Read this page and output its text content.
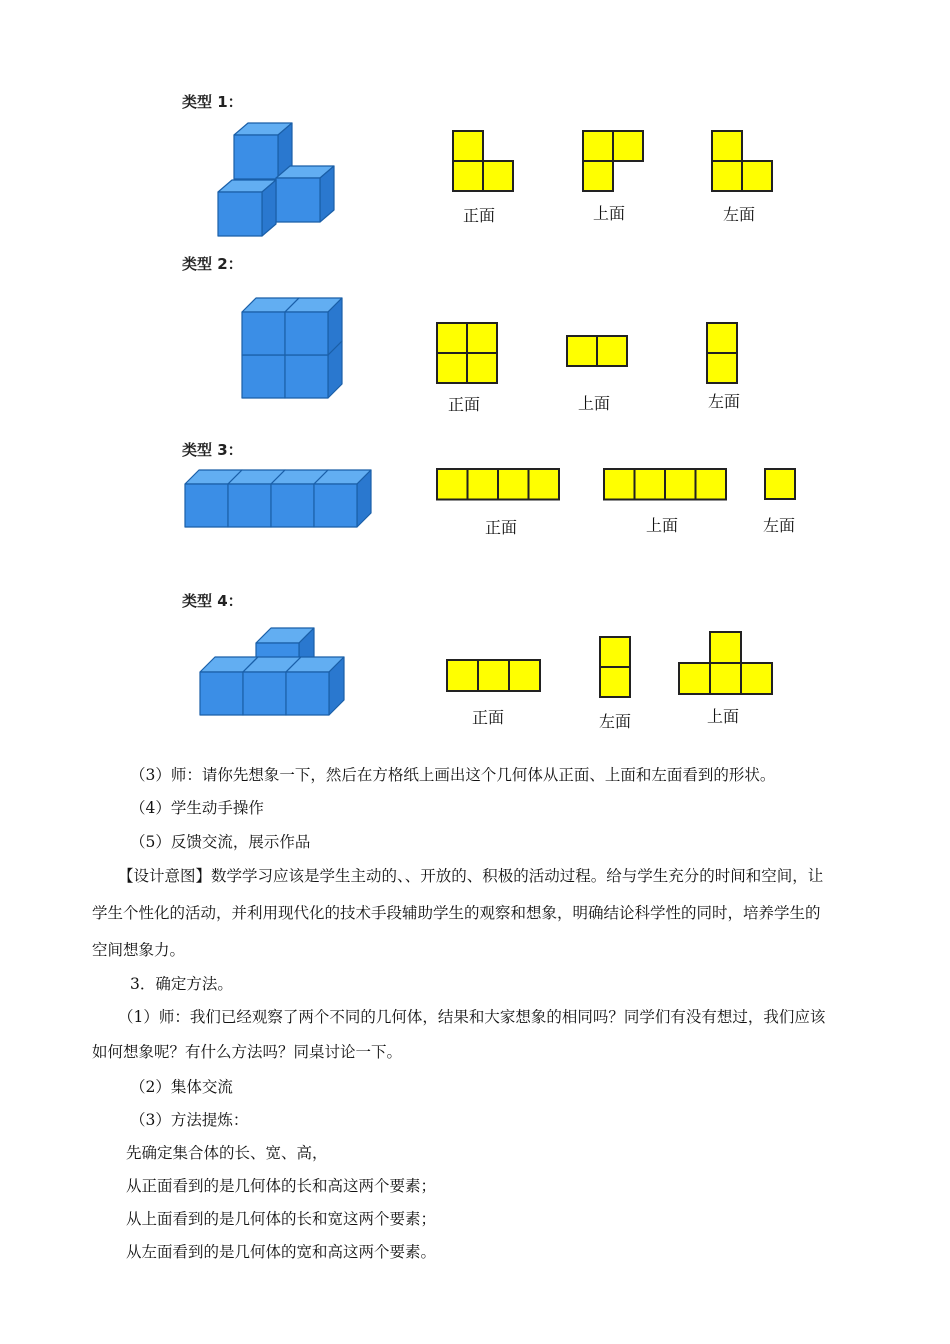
类型 1：
类型 2：
类型 3：
类型 4：
正面	上面	左面
正面	上面	左面
正面	上面	左面
正面	左面	上面
（3）师：请你先想象一下，然后在方格纸上画出这个几何体从正面、上面和左面看到的形状。
（4）学生动手操作
（5）反馈交流，展示作品
【设计意图】数学学习应该是学生主动的、、开放的、积极的活动过程。给与学生充分的时间和空间，让
学生个性化的活动，并利用现代化的技术手段辅助学生的观察和想象，明确结论科学性的同时，培养学生的
空间想象力。
3．确定方法。
（1）师：我们已经观察了两个不同的几何体，结果和大家想象的相同吗？同学们有没有想过，我们应该
如何想象呢？有什么方法吗？同桌讨论一下。
（2）集体交流
（3）方法提炼：
先确定集合体的长、宽、高，
从正面看到的是几何体的长和高这两个要素；
从上面看到的是几何体的长和宽这两个要素；
从左面看到的是几何体的宽和高这两个要素。
